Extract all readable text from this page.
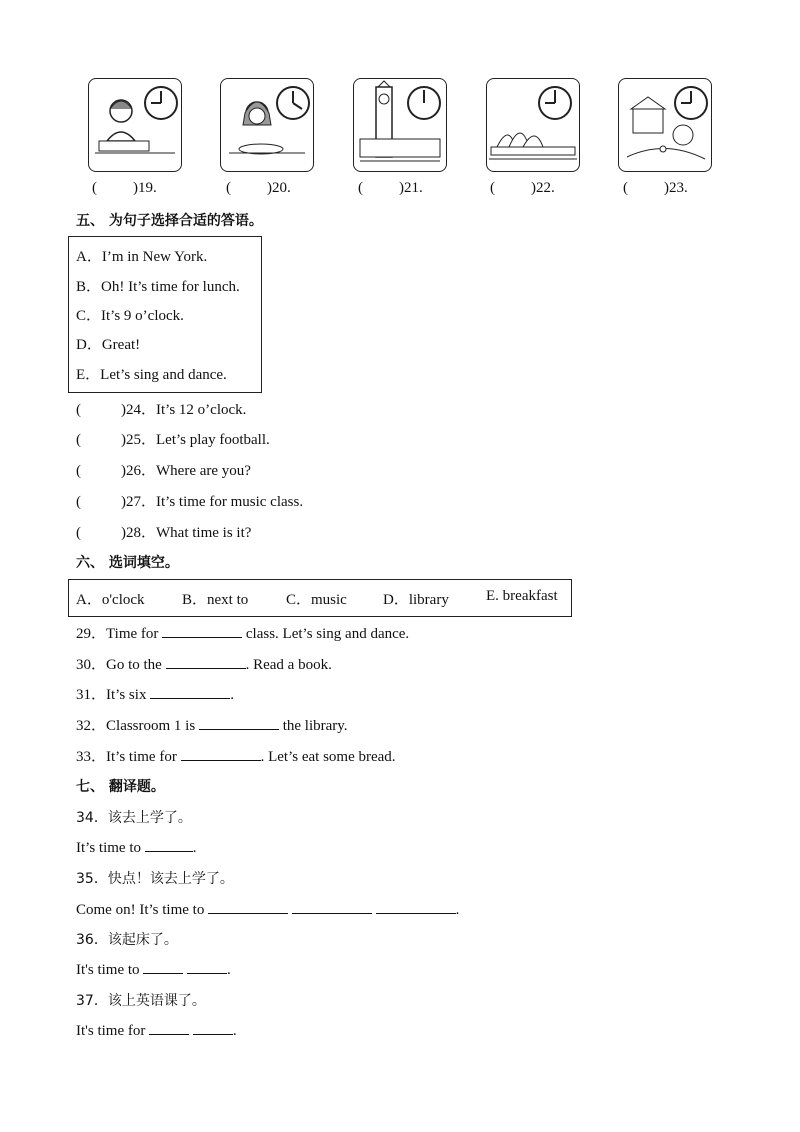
( )19.	( )20.	( )21.	( )22.	( )23.
五、 为句子选择合适的答语。
A．I’m in New York.
B．Oh! It’s time for lunch.
C．It’s 9 o’clock.
D．Great!
E．Let’s sing and dance.
(	)24．It’s 12 o’clock.
(	)25．Let’s play football.
(	)26．Where are you?
(	)27．It’s time for music class.
(	)28．What time is it?
六、 选词填空。
A．o'clock B．next to	C．music D．library E. breakfast
29．Time for	class. Let’s sing and dance.
30．Go to the	. Read a book.
31．It’s six	.
32．Classroom 1 is	the library.
33．It’s time for	. Let’s eat some bread.
七、 翻译题。
34．该去上学了。
It’s time to	.
35．快点！该去上学了。
Come on! It’s time to	.
36．该起床了。
It's time to	.
37．该上英语课了。
It's time for	.
